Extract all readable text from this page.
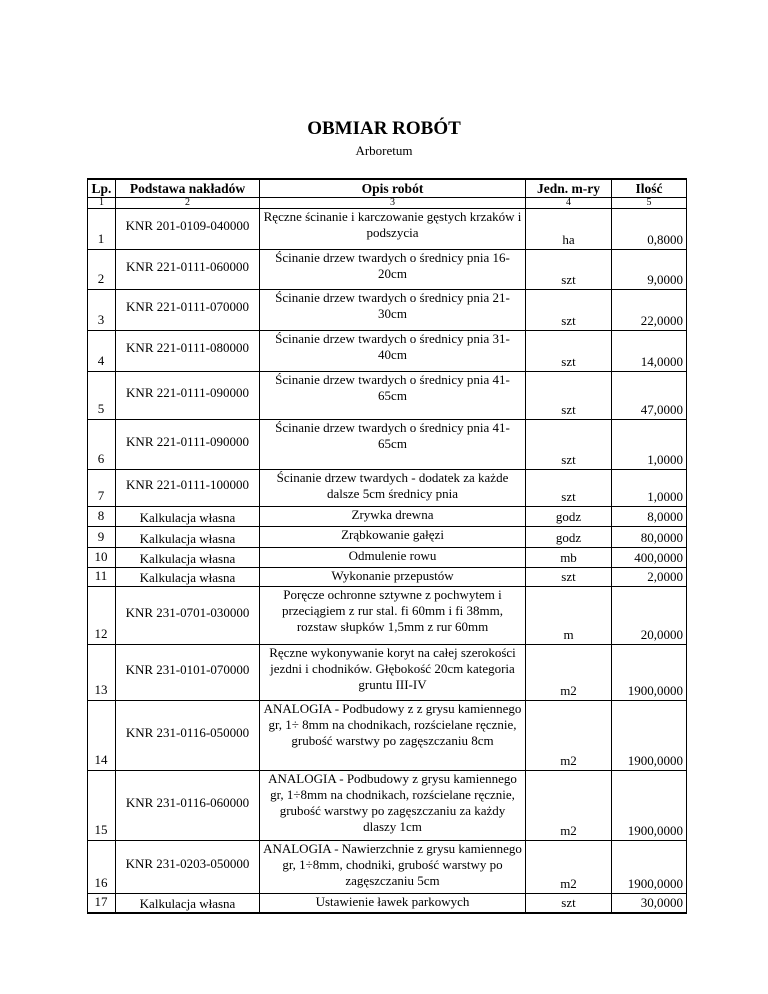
OBMIAR ROBÓT
Arboretum
Lp.	Podstawa nakładów	Opis robót	Jedn. m-ry	Ilość
1	2	3	4	5
1	KNR 201-0109-040000	Ręczne ścinanie i karczowanie gęstych krzaków i podszycia	ha	0,8000
2	KNR 221-0111-060000	Ścinanie drzew twardych o średnicy pnia 16-20cm	szt	9,0000
3	KNR 221-0111-070000	Ścinanie drzew twardych o średnicy pnia 21-30cm	szt	22,0000
4	KNR 221-0111-080000	Ścinanie drzew twardych o średnicy pnia 31-40cm	szt	14,0000
5	KNR 221-0111-090000	Ścinanie drzew twardych o średnicy pnia 41-65cm	szt	47,0000
6	KNR 221-0111-090000	Ścinanie drzew twardych o średnicy pnia 41-65cm	szt	1,0000
7	KNR 221-0111-100000	Ścinanie drzew twardych - dodatek za każde dalsze 5cm średnicy pnia	szt	1,0000
8	Kalkulacja własna	Zrywka drewna	godz	8,0000
9	Kalkulacja własna	Zrąbkowanie gałęzi	godz	80,0000
10	Kalkulacja własna	Odmulenie rowu	mb	400,0000
11	Kalkulacja własna	Wykonanie przepustów	szt	2,0000
12	KNR 231-0701-030000	Poręcze ochronne sztywne z pochwytem i przeciągiem z rur stal. fi 60mm i fi 38mm, rozstaw słupków 1,5mm z rur 60mm	m	20,0000
13	KNR 231-0101-070000	Ręczne wykonywanie koryt na całej szerokości jezdni i chodników. Głębokość 20cm kategoria gruntu III-IV	m2	1900,0000
14	KNR 231-0116-050000	ANALOGIA - Podbudowy z z grysu kamiennego gr, 1÷ 8mm na chodnikach, rozścielane ręcznie, grubość warstwy po zagęszczaniu 8cm	m2	1900,0000
15	KNR 231-0116-060000	ANALOGIA - Podbudowy z grysu kamiennego gr, 1÷8mm na chodnikach, rozścielane ręcznie, grubość warstwy po zagęszczaniu za każdy dlaszy 1cm	m2	1900,0000
16	KNR 231-0203-050000	ANALOGIA - Nawierzchnie z grysu kamiennego gr, 1÷8mm, chodniki, grubość warstwy po zagęszczaniu 5cm	m2	1900,0000
17	Kalkulacja własna	Ustawienie ławek parkowych	szt	30,0000
